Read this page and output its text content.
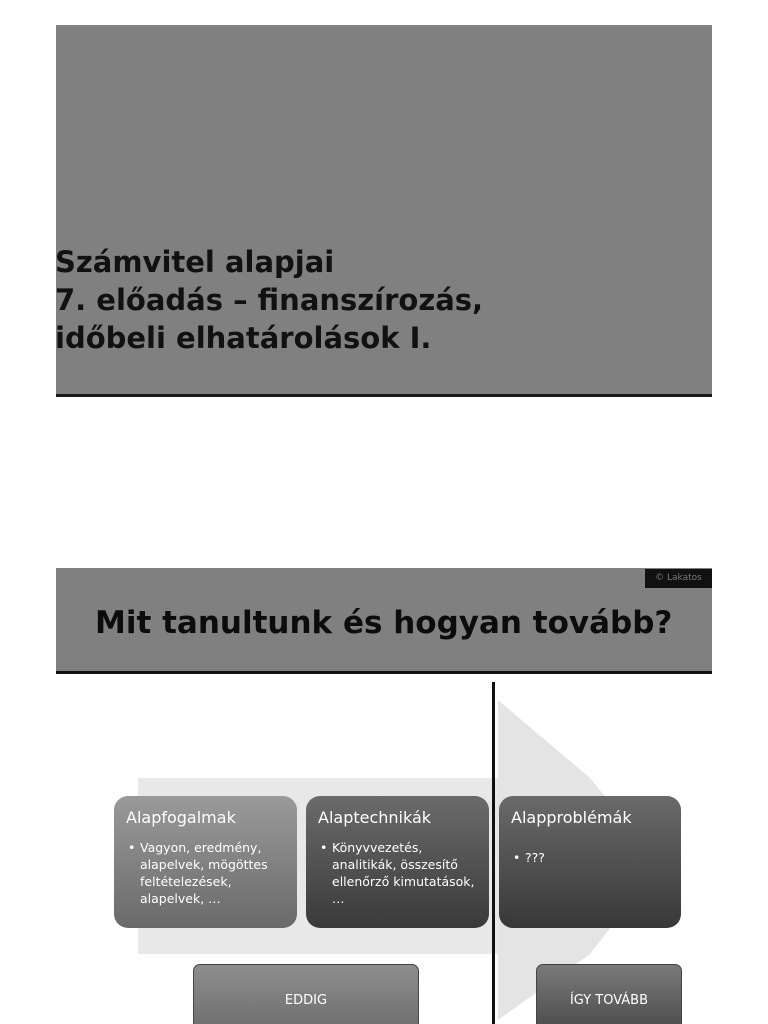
Számvitel alapjai
7. előadás – finanszírozás,
időbeli elhatárolások I.
© Lakatos
Mit tanultunk és hogyan tovább?
Alapfogalmak
• Vagyon, eredmény, alapelvek, mögöttes feltételezések, alapelvek, …
Alaptechnikák
• Könyvvezetés, analitikák, összesítő ellenőrző kimutatások, …
Alapproblémák
• ???
EDDIG	ÍGY TOVÁBB
